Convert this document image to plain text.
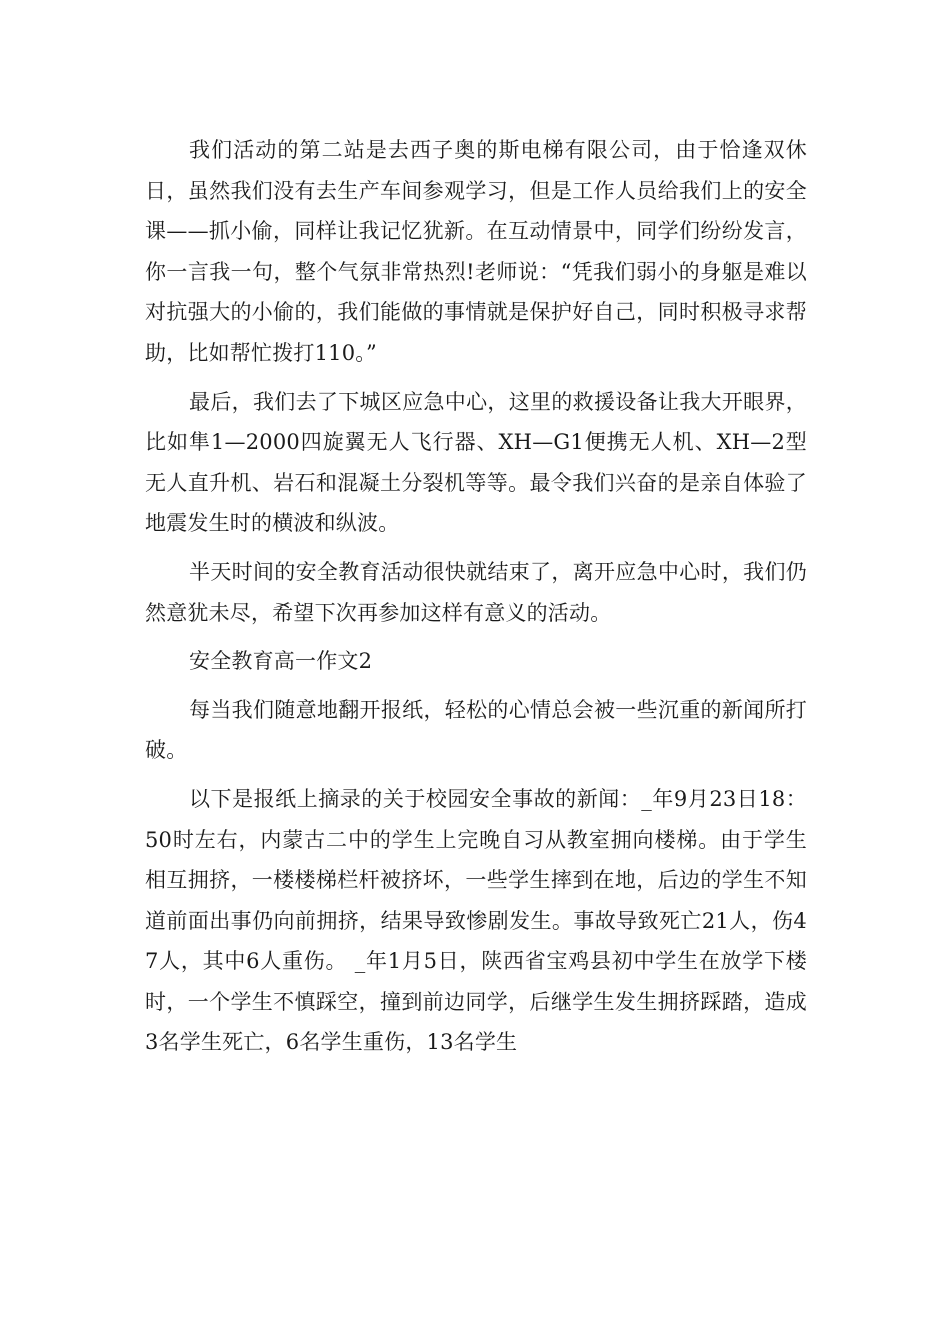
我们活动的第二站是去西子奥的斯电梯有限公司，由于恰逢双休日，虽然我们没有去生产车间参观学习，但是工作人员给我们上的安全课——抓小偷，同样让我记忆犹新。在互动情景中，同学们纷纷发言，你一言我一句，整个气氛非常热烈!老师说：“凭我们弱小的身躯是难以对抗强大的小偷的，我们能做的事情就是保护好自己，同时积极寻求帮助，比如帮忙拨打110。”

最后，我们去了下城区应急中心，这里的救援设备让我大开眼界，比如隼1—2000四旋翼无人飞行器、XH—G1便携无人机、XH—2型无人直升机、岩石和混凝土分裂机等等。最令我们兴奋的是亲自体验了地震发生时的横波和纵波。

半天时间的安全教育活动很快就结束了，离开应急中心时，我们仍然意犹未尽，希望下次再参加这样有意义的活动。

安全教育高一作文2

每当我们随意地翻开报纸，轻松的心情总会被一些沉重的新闻所打破。

以下是报纸上摘录的关于校园安全事故的新闻：_年9月23日18：50时左右，内蒙古二中的学生上完晚自习从教室拥向楼梯。由于学生相互拥挤，一楼楼梯栏杆被挤坏，一些学生摔到在地，后边的学生不知道前面出事仍向前拥挤，结果导致惨剧发生。事故导致死亡21人，伤47人，其中6人重伤。 _年1月5日，陕西省宝鸡县初中学生在放学下楼时，一个学生不慎踩空，撞到前边同学，后继学生发生拥挤踩踏，造成3名学生死亡，6名学生重伤，13名学生
